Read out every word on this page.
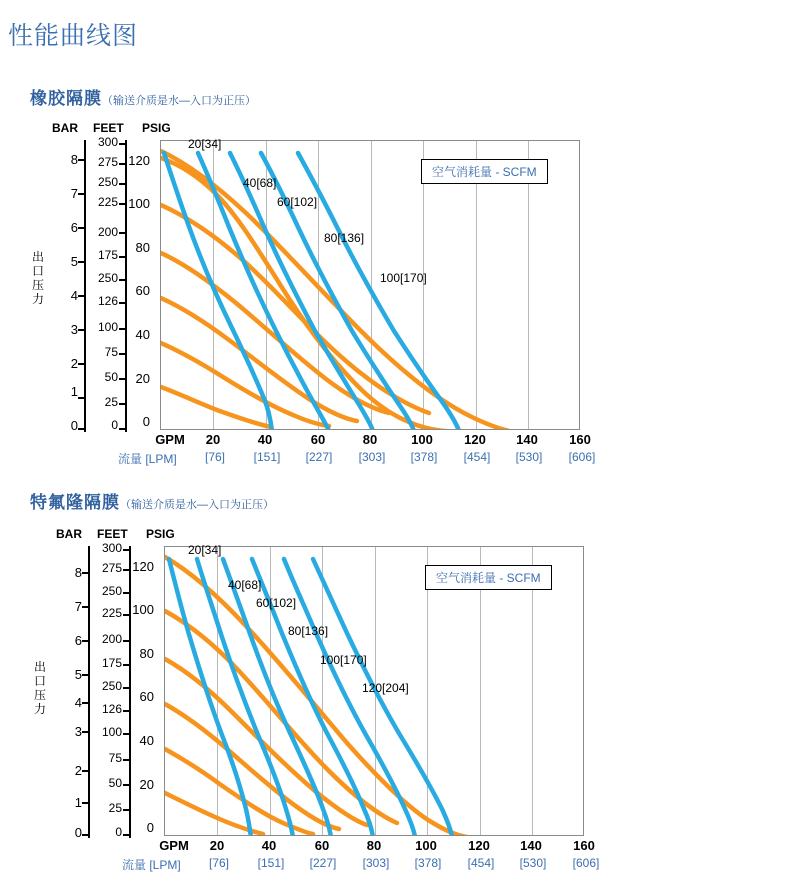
性能曲线图
橡胶隔膜（输送介质是水—入口为正压）
BAR FEET PSIG
出
口
压
力
8
7
6
5
4
3
2
1
0
300
275
250
225
200
175
250
126
100
75
50
25
0
120
100
80
60
40
20
0
空气消耗量 - SCFM
20[34]
40[68]
60[102]
80[136]
100[170]
GPM	20	40	60	80	100	120	140	160
流量 [LPM]	[76]	[151]	[227]	[303]	[378]	[454]	[530]	[606]
特氟隆隔膜（输送介质是水—入口为正压）
BAR FEET PSIG
出
口
压
力
8
7
6
5
4
3
2
1
0
300
275
250
225
200
175
250
126
100
75
50
25
0
120
100
80
60
40
20
0
空气消耗量 - SCFM
20[34]
40[68]
60[102]
80[136]
100[170]
120[204]
GPM	20	40	60	80	100	120	140	160
流量 [LPM]	[76]	[151]	[227]	[303]	[378]	[454]	[530]	[606]
